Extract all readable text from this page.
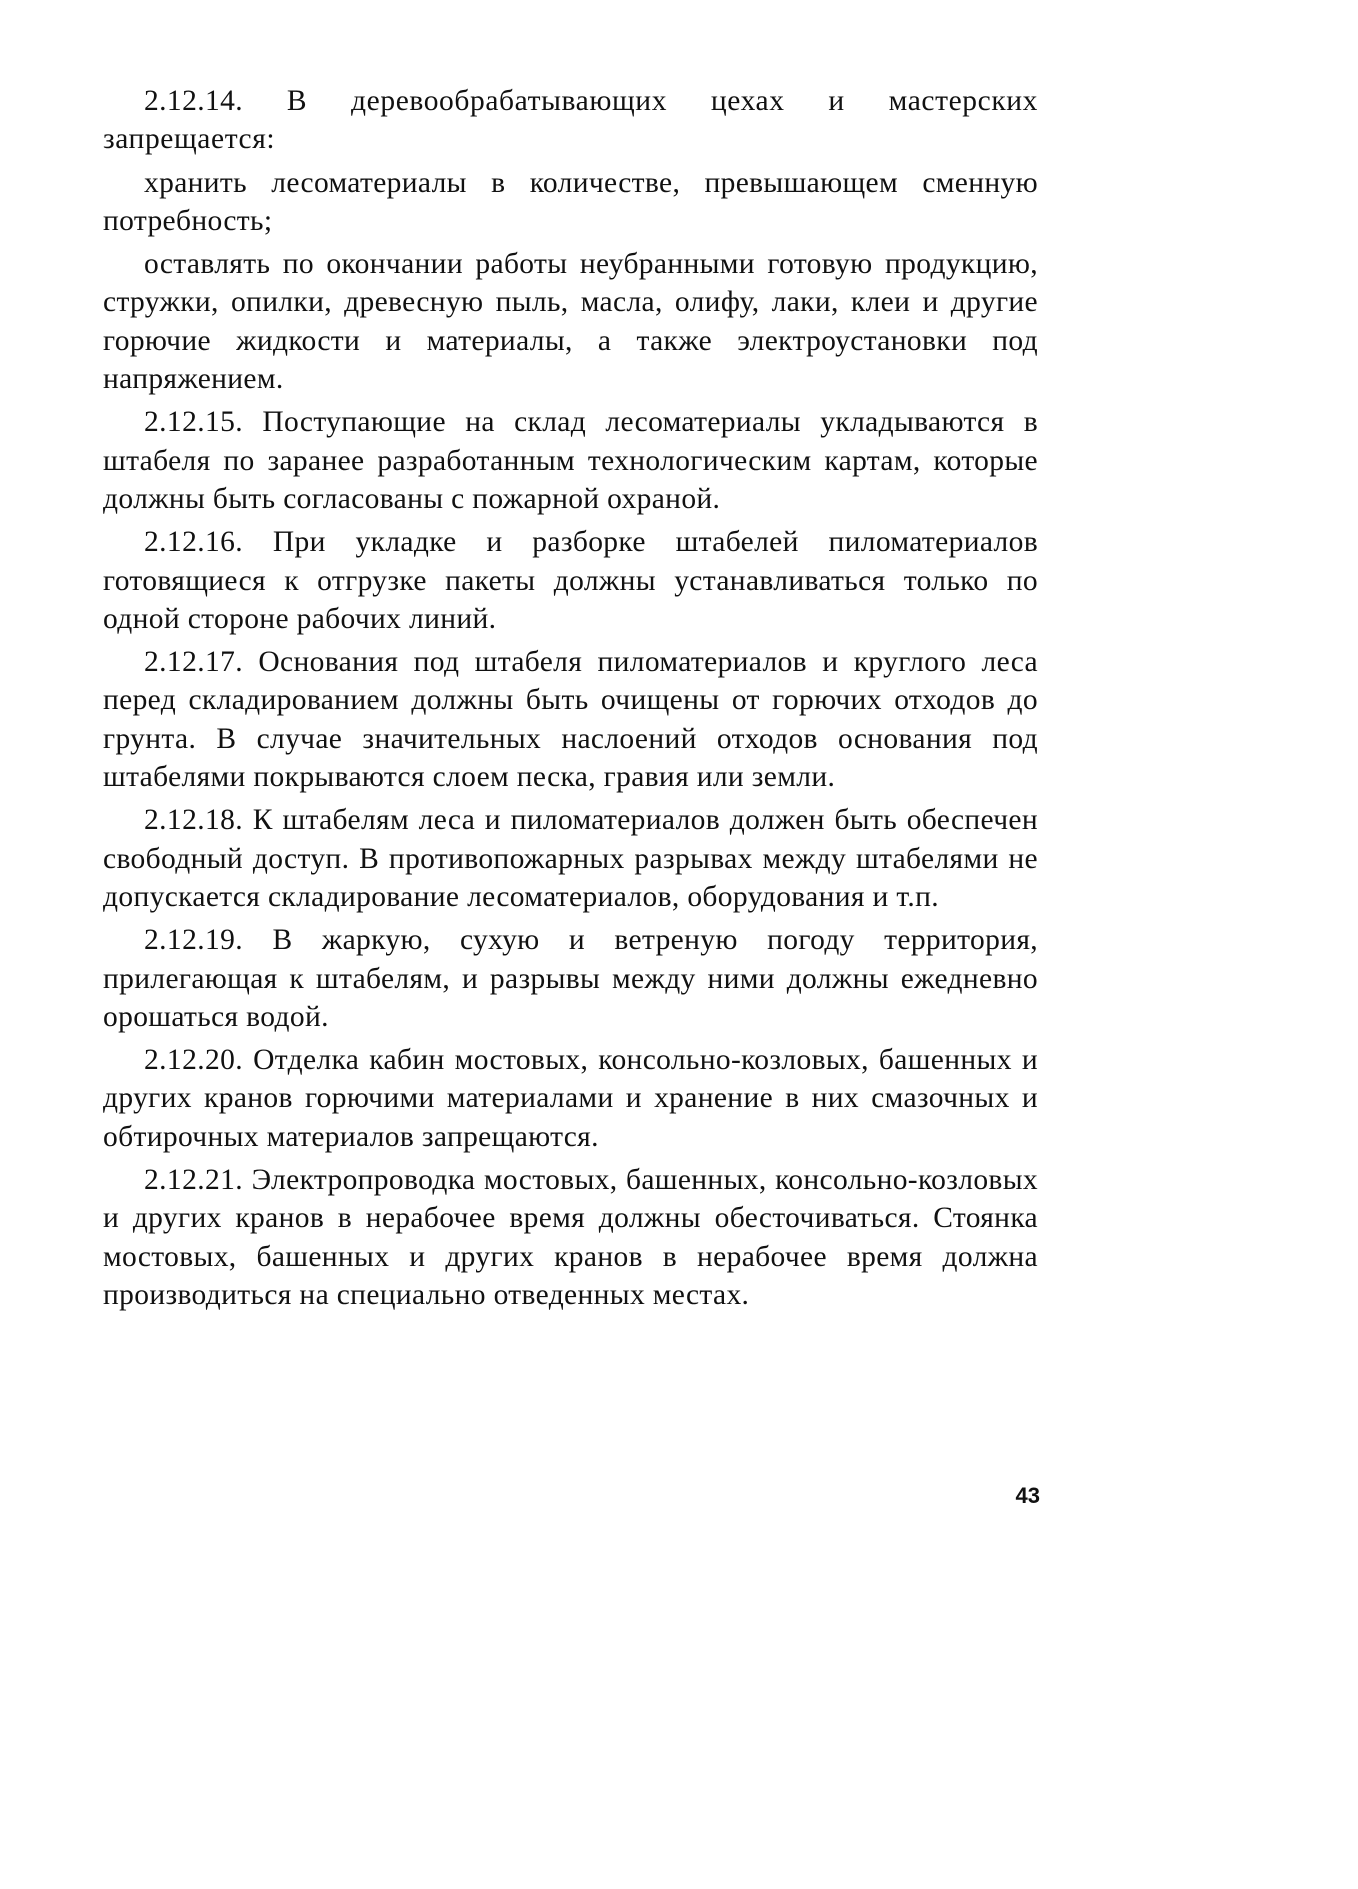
2.12.14. В деревообрабатывающих цехах и мастерских запрещается:

хранить лесоматериалы в количестве, превышающем сменную потребность;

оставлять по окончании работы неубранными готовую продукцию, стружки, опилки, древесную пыль, масла, олифу, лаки, клеи и другие горючие жидкости и материалы, а также электроустановки под напряжением.

2.12.15. Поступающие на склад лесоматериалы укладываются в штабеля по заранее разработанным технологическим картам, которые должны быть согласованы с пожарной охраной.

2.12.16. При укладке и разборке штабелей пиломатериалов готовящиеся к отгрузке пакеты должны устанавливаться только по одной стороне рабочих линий.

2.12.17. Основания под штабеля пиломатериалов и круглого леса перед складированием должны быть очищены от горючих отходов до грунта. В случае значительных наслоений отходов основания под штабелями покрываются слоем песка, гравия или земли.

2.12.18. К штабелям леса и пиломатериалов должен быть обеспечен свободный доступ. В противопожарных разрывах между штабелями не допускается складирование лесоматериалов, оборудования и т.п.

2.12.19. В жаркую, сухую и ветреную погоду территория, прилегающая к штабелям, и разрывы между ними должны ежедневно орошаться водой.

2.12.20. Отделка кабин мостовых, консольно-козловых, башенных и других кранов горючими материалами и хранение в них смазочных и обтирочных материалов запрещаются.

2.12.21. Электропроводка мостовых, башенных, консольно-козловых и других кранов в нерабочее время должны обесточиваться. Стоянка мостовых, башенных и других кранов в нерабочее время должна производиться на специально отведенных местах.

43
